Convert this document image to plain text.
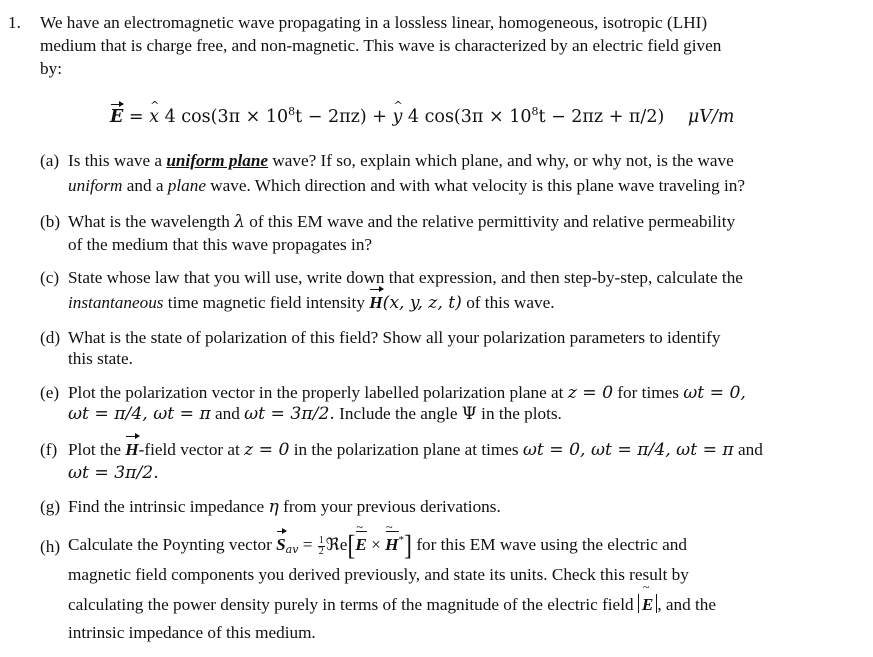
1. We have an electromagnetic wave propagating in a lossless linear, homogeneous, isotropic (LHI)
medium that is charge free, and non-magnetic. This wave is characterized by an electric field given
by:
E = x ^ 4 $\cos(3\pi \times 10^8t - 2\pi z) + y$ ^ 4 $\cos(3\pi \times 10^8t - 2\pi z + \pi/2)$ μV/m
(a) Is this wave a uniform plane wave? If so, explain which plane, and why, or why not, is the wave
uniform and a plane wave. Which direction and with what velocity is this plane wave traveling in?
(b) What is the wavelength λ of this EM wave and the relative permittivity and relative permeability
of the medium that this wave propagates in?
(c) State whose law that you will use, write down that expression, and then step-by-step, calculate the
instantaneous time magnetic field intensity H(x, y, z, t) of this wave.
(d) What is the state of polarization of this field? Show all your polarization parameters to identify
this state.
(e) Plot the polarization vector in the properly labelled polarization plane at z = 0 for times ωt = 0,
ωt = π/4, ωt = π and ωt = 3π/2. Include the angle Ψ in the plots.
(f) Plot the H-field vector at z = 0 in the polarization plane at times ωt = 0, ωt = π/4, ωt = π and
ωt = 3π/2.
(g) Find the intrinsic impedance η from your previous derivations.
(h) Calculate the Poynting vector $S_{av} = \frac{1}{2}$ ℜe[E ~ × H ~*] for this EM wave using the electric and
magnetic field components you derived previously, and state its units. Check this result by
calculating the power density purely in terms of the magnitude of the electric field E ~ , and the
intrinsic impedance of this medium.
